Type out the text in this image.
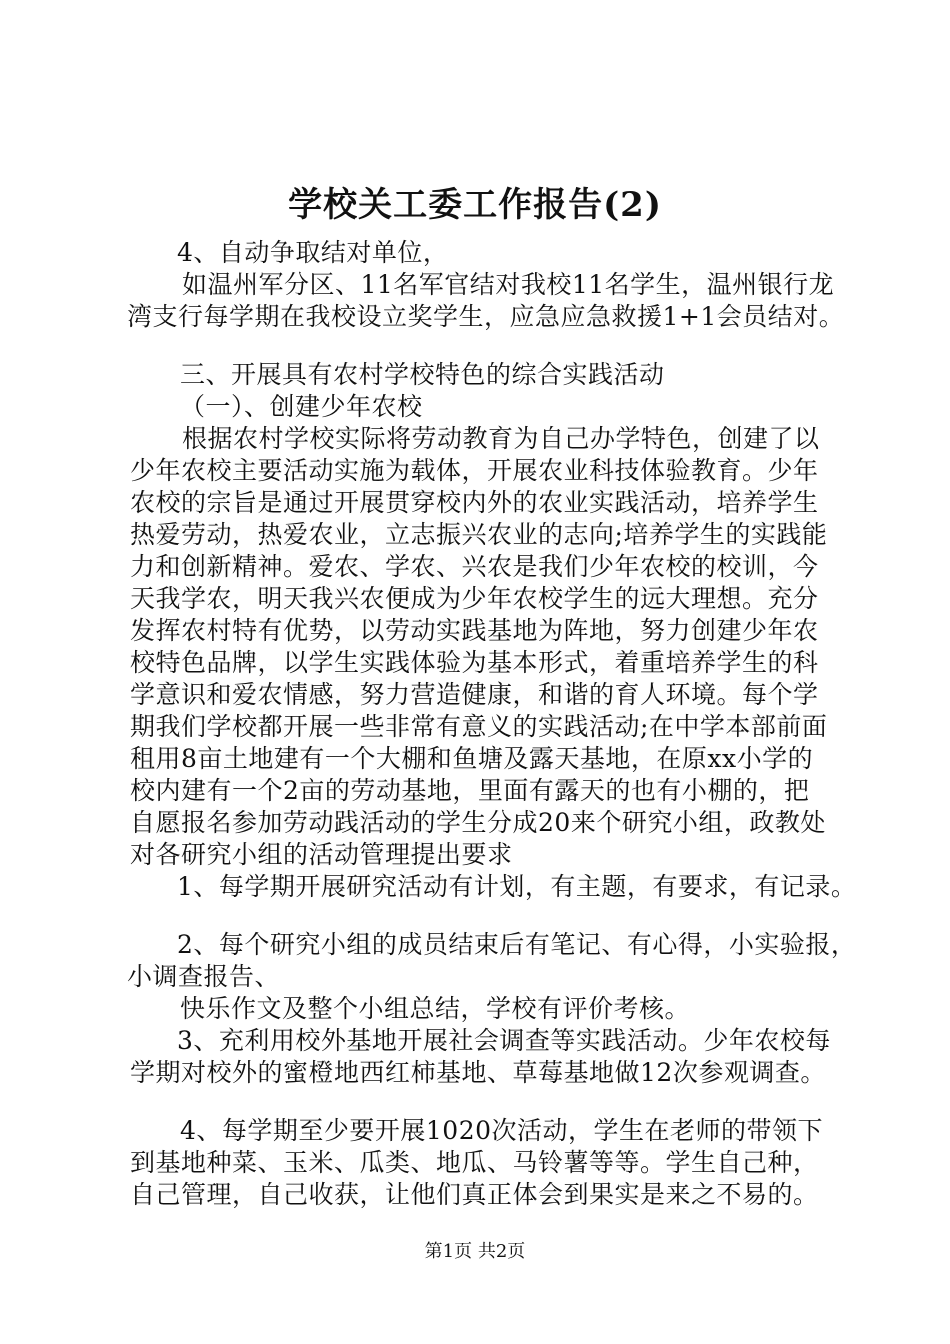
学校关工委工作报告(2)
4、自动争取结对单位，
如温州军分区、11名军官结对我校11名学生，温州银行龙
湾支行每学期在我校设立奖学生，应急应急救援1+1会员结对。
三、开展具有农村学校特色的综合实践活动
（一）、创建少年农校
根据农村学校实际将劳动教育为自己办学特色，创建了以
少年农校主要活动实施为载体，开展农业科技体验教育。少年
农校的宗旨是通过开展贯穿校内外的农业实践活动，培养学生
热爱劳动，热爱农业，立志振兴农业的志向;培养学生的实践能
力和创新精神。爱农、学农、兴农是我们少年农校的校训，今
天我学农，明天我兴农便成为少年农校学生的远大理想。充分
发挥农村特有优势，以劳动实践基地为阵地，努力创建少年农
校特色品牌，以学生实践体验为基本形式，着重培养学生的科
学意识和爱农情感，努力营造健康，和谐的育人环境。每个学
期我们学校都开展一些非常有意义的实践活动;在中学本部前面
租用8亩土地建有一个大棚和鱼塘及露天基地，在原xx小学的
校内建有一个2亩的劳动基地，里面有露天的也有小棚的，把
自愿报名参加劳动践活动的学生分成20来个研究小组，政教处
对各研究小组的活动管理提出要求
1、每学期开展研究活动有计划，有主题，有要求，有记录。
2、每个研究小组的成员结束后有笔记、有心得，小实验报，
小调查报告、
快乐作文及整个小组总结，学校有评价考核。
3、充利用校外基地开展社会调查等实践活动。少年农校每
学期对校外的蜜橙地西红柿基地、草莓基地做12次参观调查。
4、每学期至少要开展1020次活动，学生在老师的带领下
到基地种菜、玉米、瓜类、地瓜、马铃薯等等。学生自己种，
自己管理，自己收获，让他们真正体会到果实是来之不易的。
第1页 共2页
